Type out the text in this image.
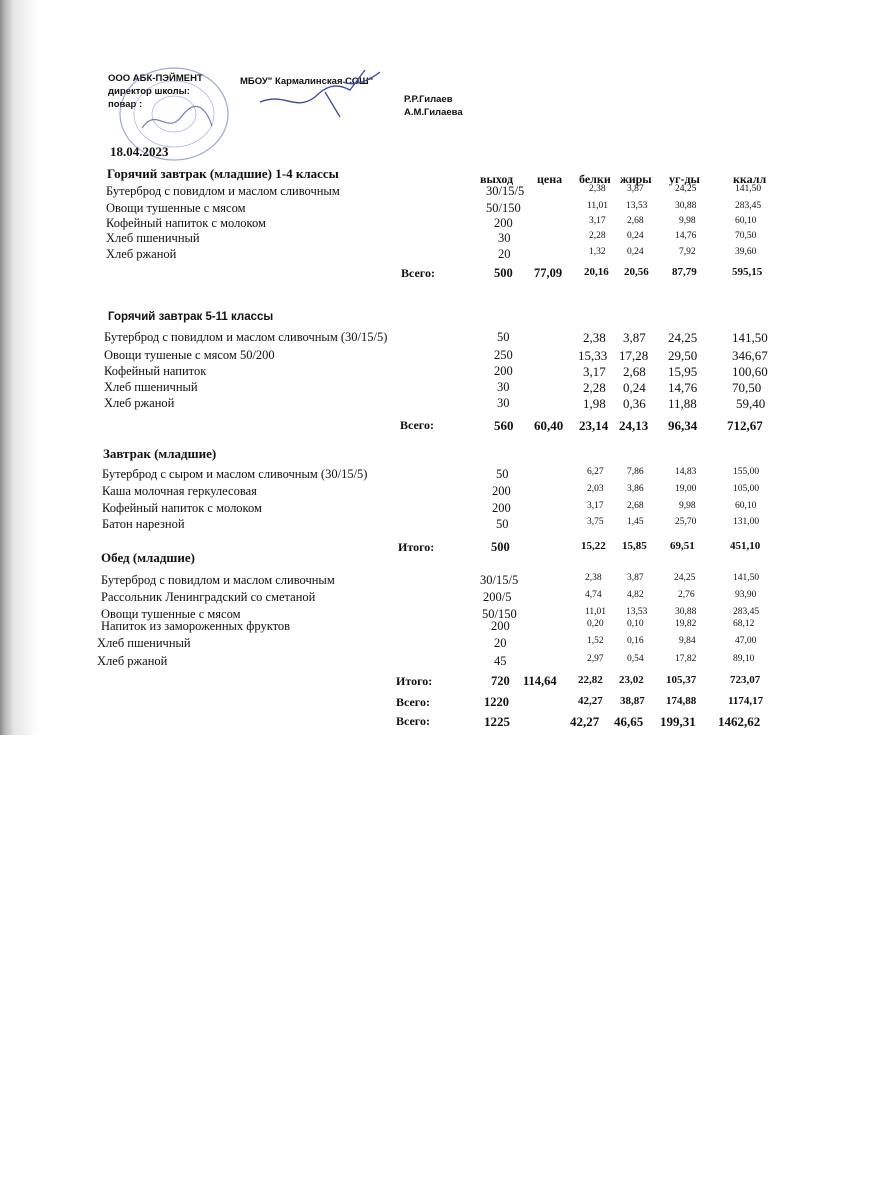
ООО АБК-ПЭЙМЕНТ	МБОУ" Кармалинская СОШ"
директор школы:
повар :	Р.Р.Гилаев
А.М.Гилаева
18.04.2023
выход цена белки жиры уг-ды	ккалл
Горячий завтрак (младшие) 1-4 классы
Бутерброд с повидлом и маслом сливочным	30/15/5	2,38 3,87	24,25	141,50
Овощи тушенные с мясом	50/150	11,01 13,53	30,88	283,45
Кофейный напиток с молоком	200	3,17 2,68	9,98	60,10
Хлеб пшеничный	30	2,28 0,24	14,76	70,50
Хлеб ржаной	20	1,32 0,24	7,92	39,60
Всего:	500 77,09 20,16 20,56 87,79	595,15
Горячий завтрак 5-11 классы
Бутерброд с повидлом и маслом сливочным (30/15/5)	50	2,38 3,87 24,25	141,50
Овощи тушеные с мясом 50/200	250	15,33 17,28 29,50	346,67
Кофейный напиток	200	3,17 2,68 15,95	100,60
Хлеб пшеничный	30	2,28 0,24 14,76	70,50
Хлеб ржаной	30	1,98 0,36 11,88	59,40
Всего:	560 60,40 23,14 24,13 96,34 712,67
Завтрак (младшие)
Бутерброд с сыром и маслом сливочным (30/15/5)	50	6,27 7,86	14,83	155,00
Каша молочная геркулесовая	200	2,03 3,86	19,00	105,00
Кофейный напиток с молоком	200	3,17 2,68	9,98	60,10
Батон нарезной	50	3,75 1,45	25,70	131,00
Итого:	500	15,22 15,85 69,51	451,10
Обед (младшие)
Бутерброд с повидлом и маслом сливочным	30/15/5	2,38	3,87	24,25	141,50
Рассольник Ленинградский со сметаной	200/5	4,74	4,82	2,76	93,90
Овощи тушенные с мясом	50/150	11,01 13,53	30,88	283,45
Напиток из замороженных фруктов	200	0,20 0,10	19,82	68,12
Хлеб пшеничный	20	1,52 0,16	9,84	47,00
Хлеб ржаной	45	2,97 0,54	17,82	89,10
Итого:	720 114,64 22,82 23,02 105,37	723,07
Всего:	1220	42,27 38,87 174,88	1174,17
Всего:	1225	42,27 46,65 199,31 1462,62
